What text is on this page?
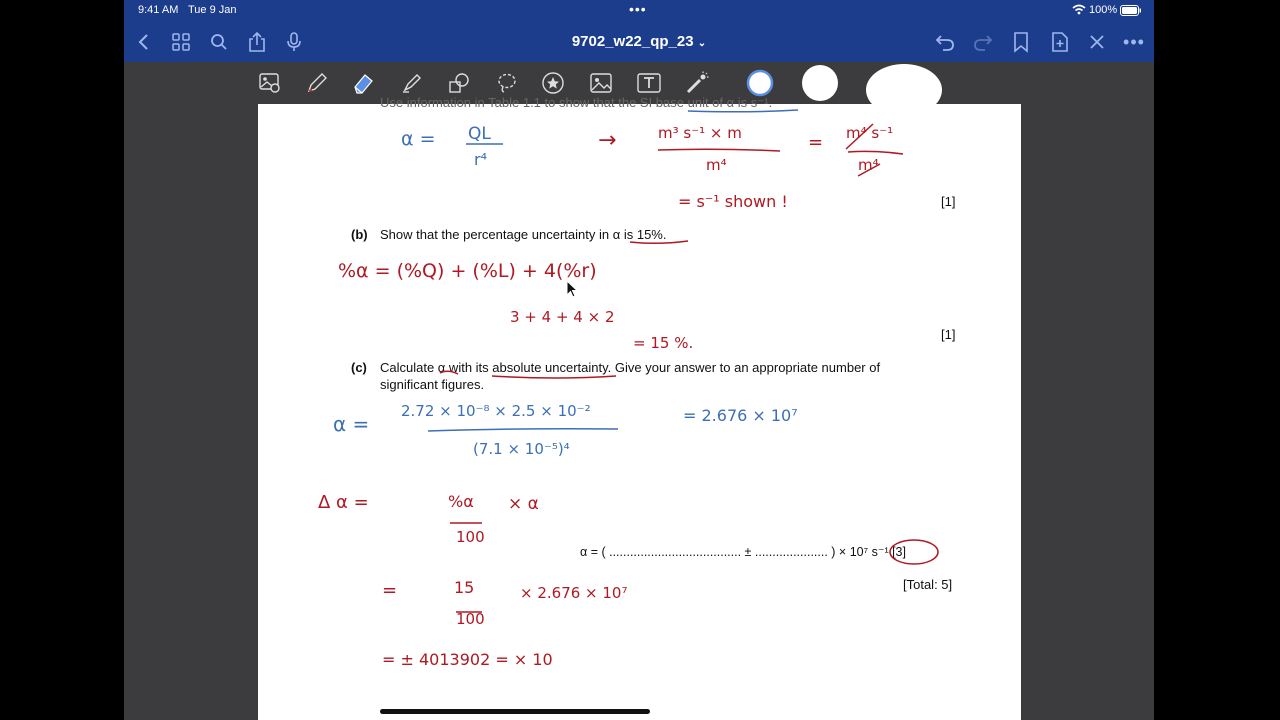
9:41 AM Tue 9 Jan	•••	100%
9702_w22_qp_23 ⌄	•••
Use information in Table 1.1 to show that the SI base unit of α is s⁻¹.
[1]
(b) Show that the percentage uncertainty in α is 15%.
[1]
(c) Calculate α with its absolute uncertainty. Give your answer to an appropriate number of
significant figures.
α = ( ...................................... ± ..................... ) × 10⁷ s⁻¹ [3]
[Total: 5]
α = QL
r⁴
→	m³ s⁻¹ × m
m⁴
= m⁴ s⁻¹
m⁴
= s⁻¹ shown !
%α = (%Q) + (%L) + 4(%r)
3 + 4 + 4 × 2
= 15 %.
α =
2.72 × 10⁻⁸ × 2.5 × 10⁻²
(7.1 × 10⁻⁵)⁴
= 2.676 × 10⁷
Δ α =	%α
100
× α
=	15
100
× 2.676 × 10⁷
= ± 4013902 = × 10
